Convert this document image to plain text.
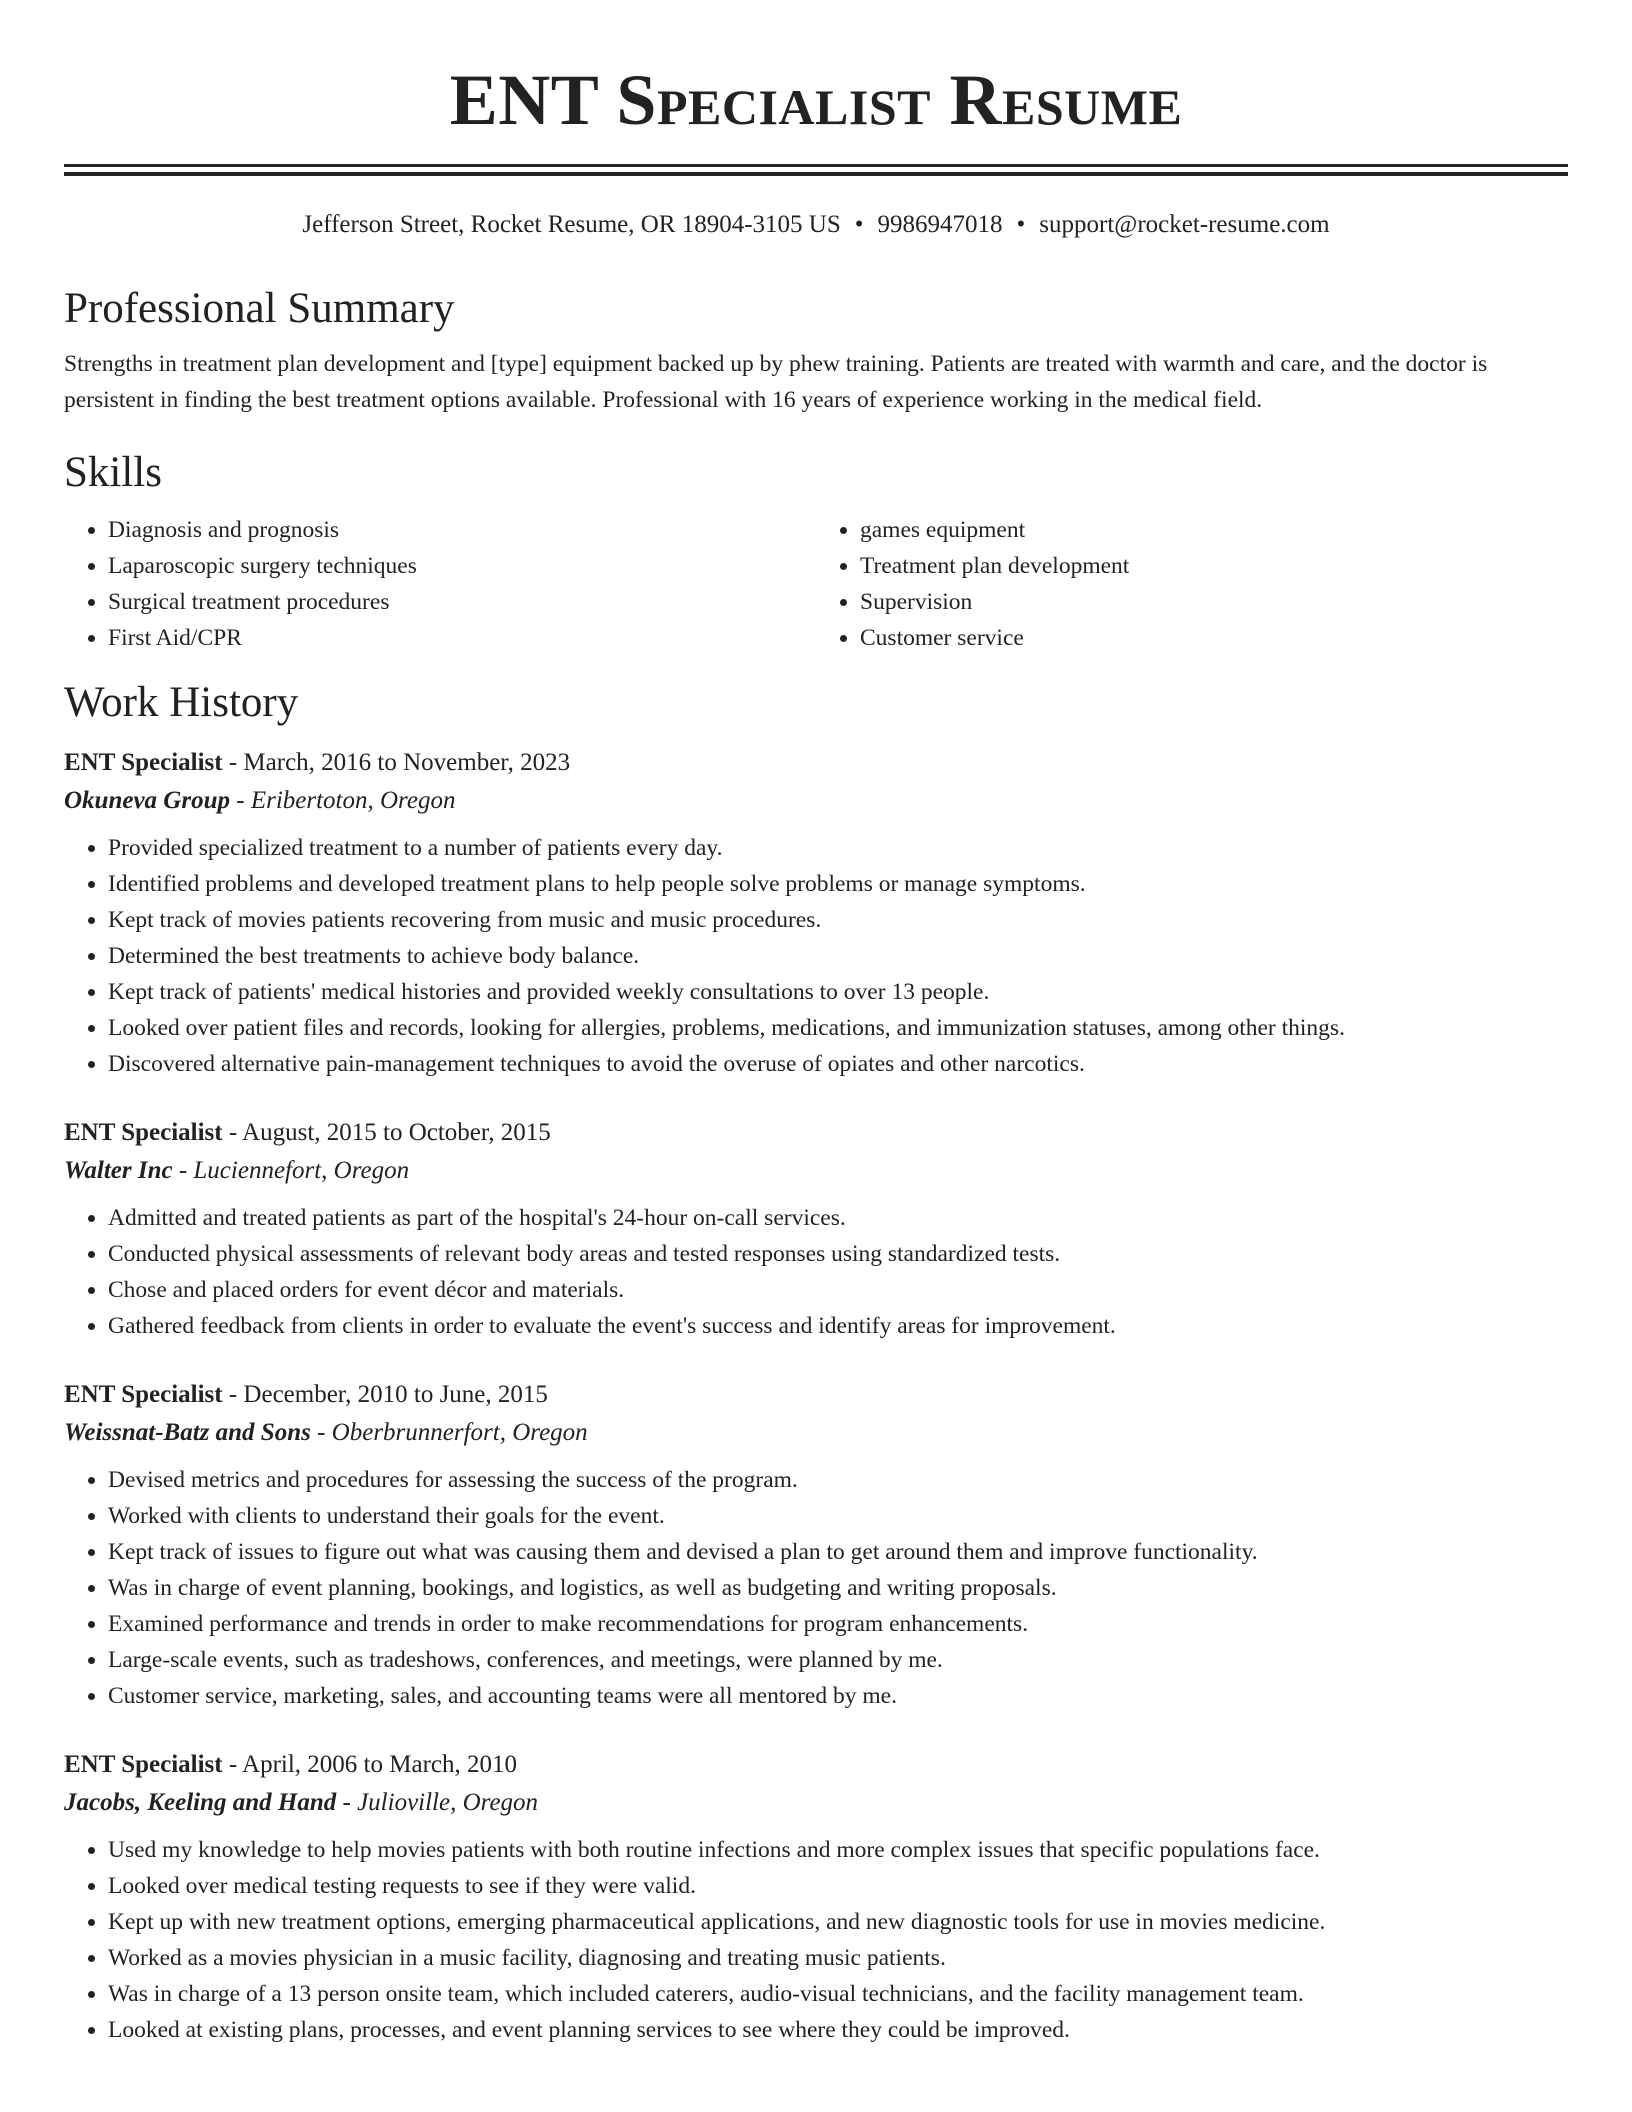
ENT Specialist Resume
Jefferson Street, Rocket Resume, OR 18904-3105 US • 9986947018 • support@rocket-resume.com
Professional Summary

Strengths in treatment plan development and [type] equipment backed up by phew training. Patients are treated with warmth and care, and the doctor is persistent in finding the best treatment options available. Professional with 16 years of experience working in the medical field.

Skills
• Diagnosis and prognosis
• Laparoscopic surgery techniques
• Surgical treatment procedures
• First Aid/CPR
• games equipment
• Treatment plan development
• Supervision
• Customer service
Work History
ENT Specialist - March, 2016 to November, 2023
Okuneva Group - Eribertoton, Oregon
• Provided specialized treatment to a number of patients every day.
• Identified problems and developed treatment plans to help people solve problems or manage symptoms.
• Kept track of movies patients recovering from music and music procedures.
• Determined the best treatments to achieve body balance.
• Kept track of patients' medical histories and provided weekly consultations to over 13 people.
• Looked over patient files and records, looking for allergies, problems, medications, and immunization statuses, among other things.
• Discovered alternative pain-management techniques to avoid the overuse of opiates and other narcotics.
ENT Specialist - August, 2015 to October, 2015
Walter Inc - Luciennefort, Oregon
• Admitted and treated patients as part of the hospital's 24-hour on-call services.
• Conducted physical assessments of relevant body areas and tested responses using standardized tests.
• Chose and placed orders for event décor and materials.
• Gathered feedback from clients in order to evaluate the event's success and identify areas for improvement.
ENT Specialist - December, 2010 to June, 2015
Weissnat-Batz and Sons - Oberbrunnerfort, Oregon
• Devised metrics and procedures for assessing the success of the program.
• Worked with clients to understand their goals for the event.
• Kept track of issues to figure out what was causing them and devised a plan to get around them and improve functionality.
• Was in charge of event planning, bookings, and logistics, as well as budgeting and writing proposals.
• Examined performance and trends in order to make recommendations for program enhancements.
• Large-scale events, such as tradeshows, conferences, and meetings, were planned by me.
• Customer service, marketing, sales, and accounting teams were all mentored by me.
ENT Specialist - April, 2006 to March, 2010
Jacobs, Keeling and Hand - Julioville, Oregon
• Used my knowledge to help movies patients with both routine infections and more complex issues that specific populations face.
• Looked over medical testing requests to see if they were valid.
• Kept up with new treatment options, emerging pharmaceutical applications, and new diagnostic tools for use in movies medicine.
• Worked as a movies physician in a music facility, diagnosing and treating music patients.
• Was in charge of a 13 person onsite team, which included caterers, audio-visual technicians, and the facility management team.
• Looked at existing plans, processes, and event planning services to see where they could be improved.
